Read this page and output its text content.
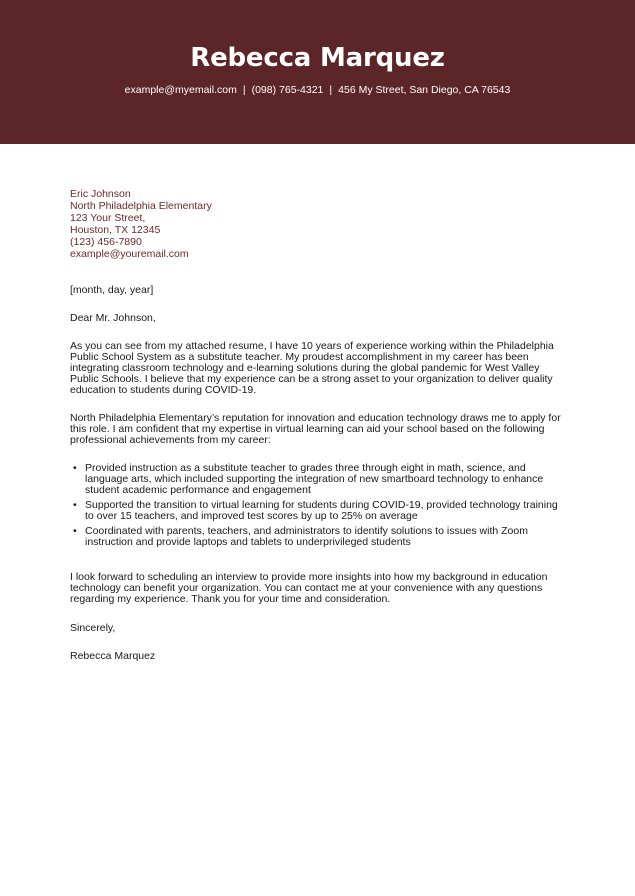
Rebecca Marquez
example@myemail.com | (098) 765-4321 | 456 My Street, San Diego, CA 76543
Eric Johnson
North Philadelphia Elementary
123 Your Street,
Houston, TX 12345
(123) 456-7890
example@youremail.com
[month, day, year]
Dear Mr. Johnson,

As you can see from my attached resume, I have 10 years of experience working within the Philadelphia Public School System as a substitute teacher. My proudest accomplishment in my career has been integrating classroom technology and e-learning solutions during the global pandemic for West Valley Public Schools. I believe that my experience can be a strong asset to your organization to deliver quality education to students during COVID-19.

North Philadelphia Elementary’s reputation for innovation and education technology draws me to apply for this role. I am confident that my expertise in virtual learning can aid your school based on the following professional achievements from my career:

• Provided instruction as a substitute teacher to grades three through eight in math, science, and language arts, which included supporting the integration of new smartboard technology to enhance student academic performance and engagement
• Supported the transition to virtual learning for students during COVID-19, provided technology training to over 15 teachers, and improved test scores by up to 25% on average
• Coordinated with parents, teachers, and administrators to identify solutions to issues with Zoom instruction and provide laptops and tablets to underprivileged students

I look forward to scheduling an interview to provide more insights into how my background in education technology can benefit your organization. You can contact me at your convenience with any questions regarding my experience. Thank you for your time and consideration.

Sincerely,
Rebecca Marquez
